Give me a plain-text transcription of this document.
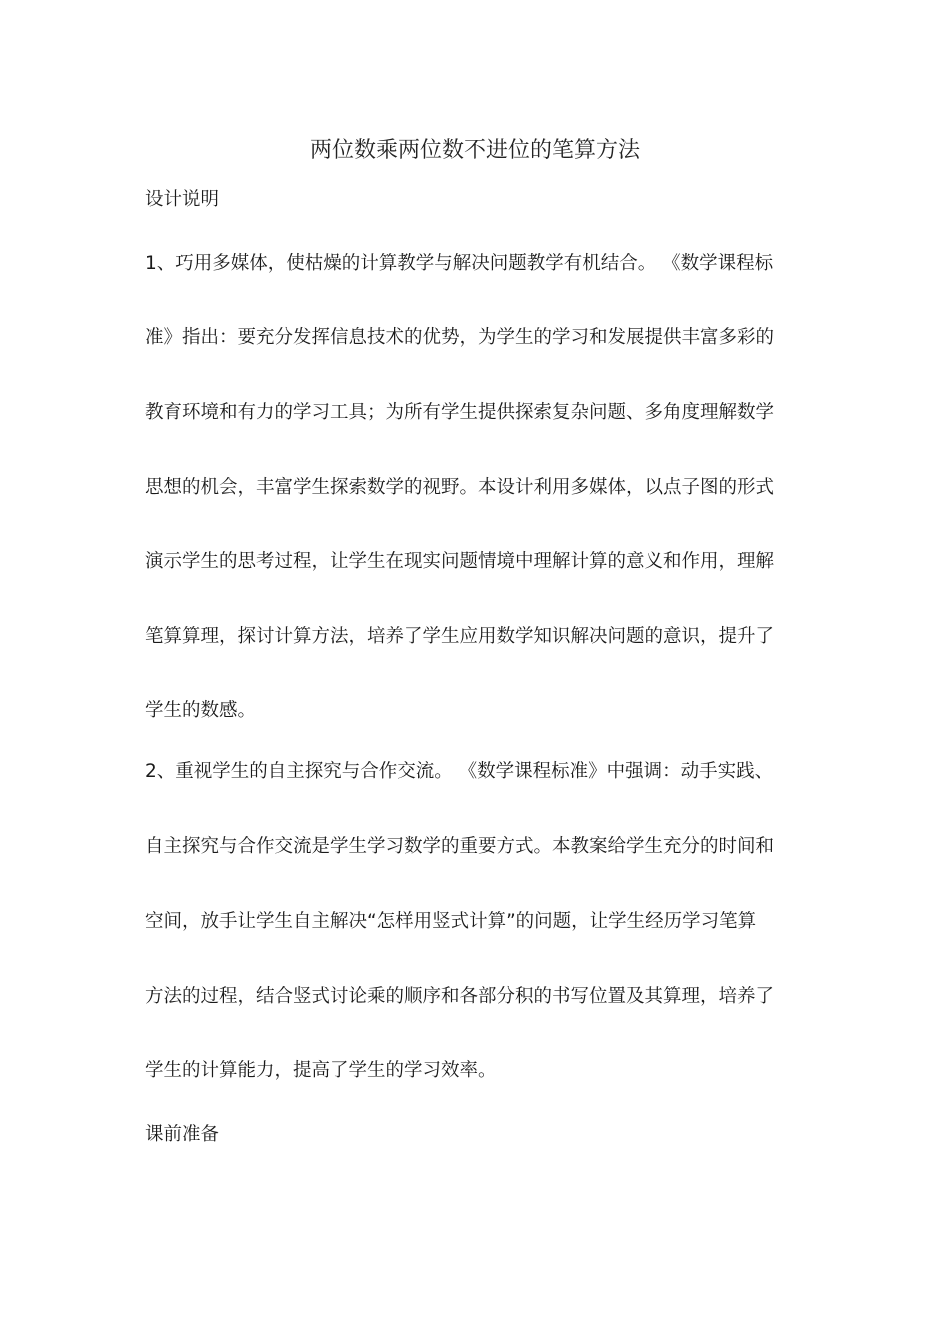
两位数乘两位数不进位的笔算方法
设计说明
1、巧用多媒体，使枯燥的计算教学与解决问题教学有机结合。 《数学课程标
准》指出：要充分发挥信息技术的优势，为学生的学习和发展提供丰富多彩的
教育环境和有力的学习工具；为所有学生提供探索复杂问题、多角度理解数学
思想的机会，丰富学生探索数学的视野。本设计利用多媒体，以点子图的形式
演示学生的思考过程，让学生在现实问题情境中理解计算的意义和作用，理解
笔算算理，探讨计算方法，培养了学生应用数学知识解决问题的意识，提升了
学生的数感。
2、重视学生的自主探究与合作交流。 《数学课程标准》中强调：动手实践、
自主探究与合作交流是学生学习数学的重要方式。本教案给学生充分的时间和
空间，放手让学生自主解决“怎样用竖式计算”的问题，让学生经历学习笔算
方法的过程，结合竖式讨论乘的顺序和各部分积的书写位置及其算理，培养了
学生的计算能力，提高了学生的学习效率。
课前准备
